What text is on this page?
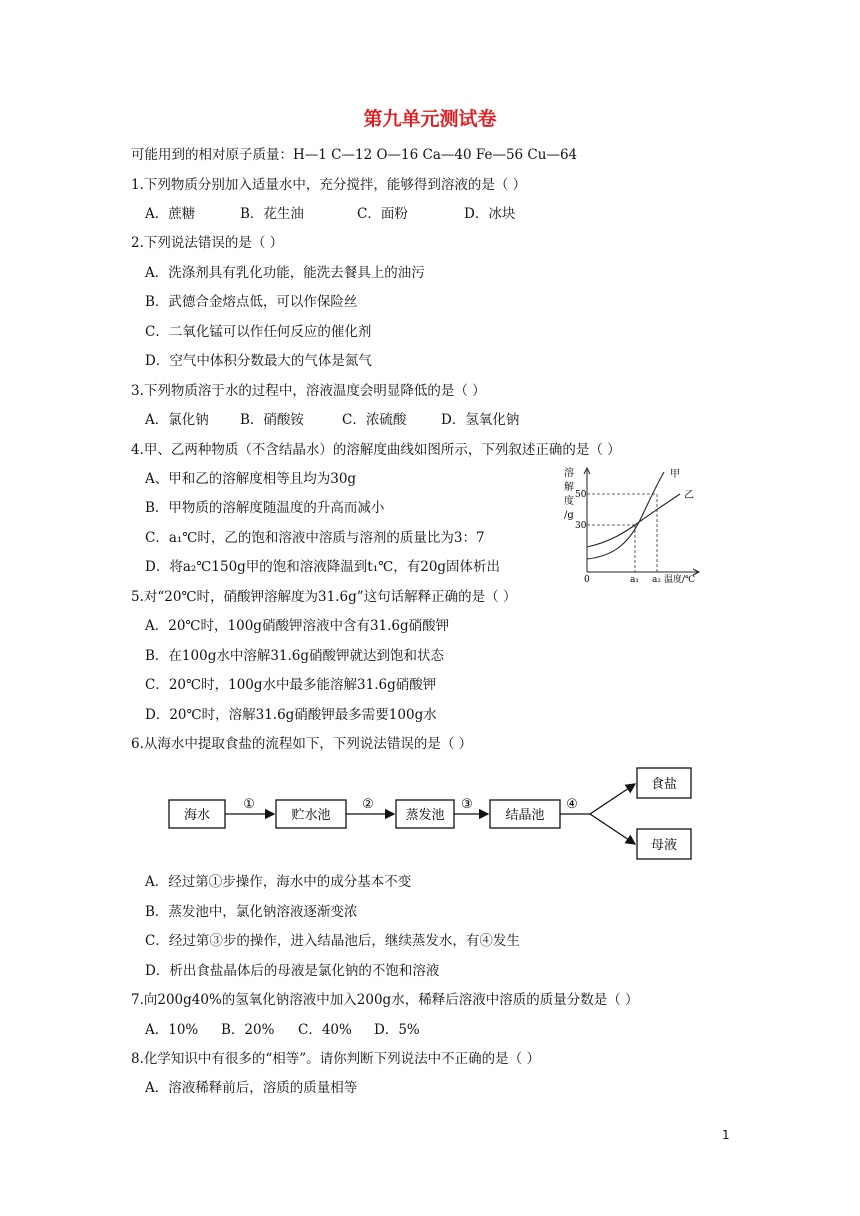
第九单元测试卷
可能用到的相对原子质量：H—1 C—12 O—16 Ca—40 Fe—56 Cu—64
1.下列物质分别加入适量水中，充分搅拌，能够得到溶液的是（ ）
A．蔗糖	B．花生油	C．面粉	D．冰块
2.下列说法错误的是（ ）
A．洗涤剂具有乳化功能，能洗去餐具上的油污
B．武德合金熔点低，可以作保险丝
C．二氧化锰可以作任何反应的催化剂
D．空气中体积分数最大的气体是氮气
3.下列物质溶于水的过程中，溶液温度会明显降低的是（ ）
A．氯化钠 B．硝酸铵	C．浓硫酸	D．氢氧化钠
4.甲、乙两种物质（不含结晶水）的溶解度曲线如图所示，下列叙述正确的是（ ）
A、甲和乙的溶解度相等且均为30g
B．甲物质的溶解度随温度的升高而减小
C．a₁℃时，乙的饱和溶液中溶质与溶剂的质量比为3：7
D．将a₂℃150g甲的饱和溶液降温到t₁℃，有20g固体析出
溶
解
度
/g
50
30
0	a₁ a₂ 温度/℃
甲
乙
5.对“20℃时，硝酸钾溶解度为31.6g”这句话解释正确的是（ ）
A．20℃时，100g硝酸钾溶液中含有31.6g硝酸钾
B．在100g水中溶解31.6g硝酸钾就达到饱和状态
C．20℃时，100g水中最多能溶解31.6g硝酸钾
D．20℃时，溶解31.6g硝酸钾最多需要100g水
6.从海水中提取食盐的流程如下，下列说法错误的是（ ）
海水
①
贮水池
②
蒸发池
③
结晶池
④
食盐
母液
A．经过第①步操作，海水中的成分基本不变
B．蒸发池中，氯化钠溶液逐渐变浓
C．经过第③步的操作，进入结晶池后，继续蒸发水，有④发生
D．析出食盐晶体后的母液是氯化钠的不饱和溶液
7.向200g40%的氢氧化钠溶液中加入200g水，稀释后溶液中溶质的质量分数是（ ）
A．10% B．20% C．40% D．5%
8.化学知识中有很多的“相等”。请你判断下列说法中不正确的是（ ）
A．溶液稀释前后，溶质的质量相等
1
